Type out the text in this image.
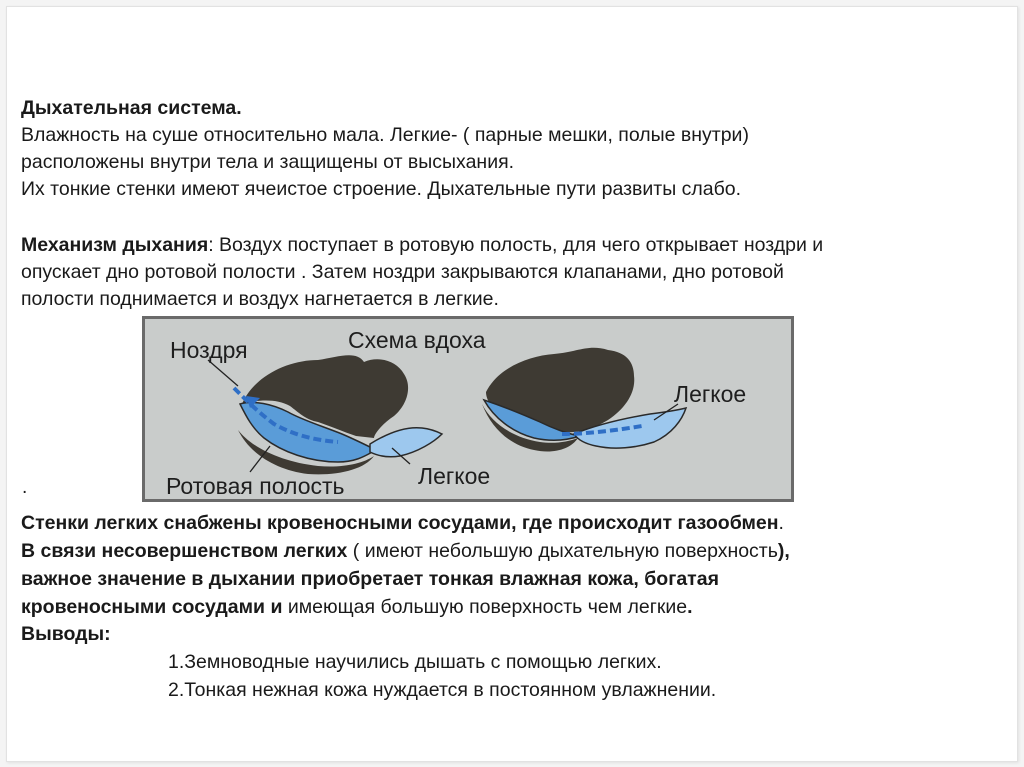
Дыхательная система.
Влажность на суше относительно мала. Легкие- ( парные мешки, полые внутри)
расположены внутри тела и защищены от высыхания.
Их тонкие стенки имеют ячеистое строение. Дыхательные пути развиты слабо.
Механизм дыхания: Воздух поступает в ротовую полость, для чего открывает ноздри и
опускает дно ротовой полости . Затем ноздри закрываются клапанами, дно ротовой
полости поднимается и воздух нагнетается в легкие.
Ноздря	Схема вдоха
Легкое
Легкое
Ротовая полость
.
Стенки легких снабжены кровеносными сосудами, где происходит газообмен.
В связи несовершенством легких ( имеют небольшую дыхательную поверхность),
важное значение в дыхании приобретает тонкая влажная кожа, богатая
кровеносными сосудами и имеющая большую поверхность чем легкие.
Выводы:
1.Земноводные научились дышать с помощью легких.
2.Тонкая нежная кожа нуждается в постоянном увлажнении.
